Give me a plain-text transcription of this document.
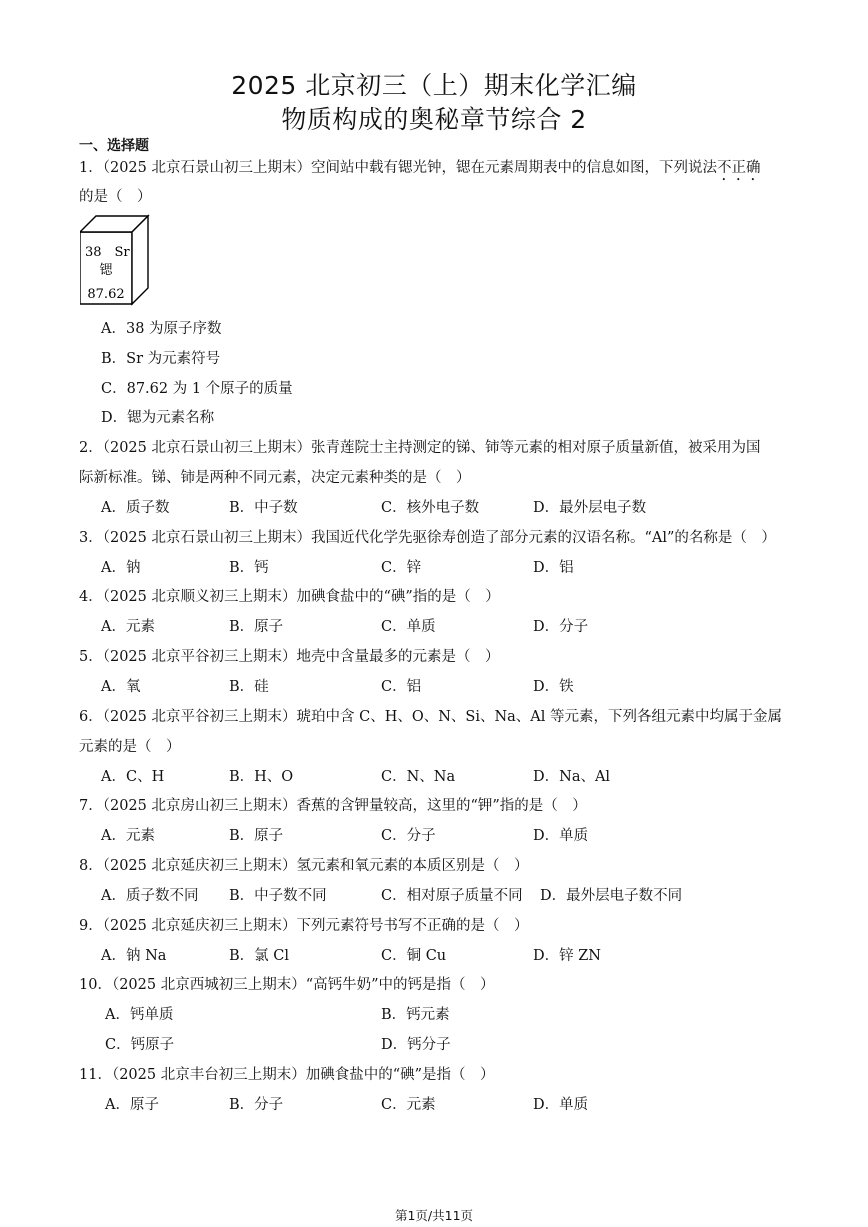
2025 北京初三（上）期末化学汇编
物质构成的奥秘章节综合 2
一、选择题
1．（2025 北京石景山初三上期末）空间站中载有锶光钟，锶在元素周期表中的信息如图，下列说法不正确
的是（　）
38 Sr
锶
87.62
A．38 为原子序数
B．Sr 为元素符号
C．87.62 为 1 个原子的质量
D．锶为元素名称
2．（2025 北京石景山初三上期末）张青莲院士主持测定的锑、铈等元素的相对原子质量新值，被采用为国
际新标准。锑、铈是两种不同元素，决定元素种类的是（　）
A．质子数	B．中子数	C．核外电子数	D．最外层电子数
3．（2025 北京石景山初三上期末）我国近代化学先驱徐寿创造了部分元素的汉语名称。“Al”的名称是（　）
A．钠	B．钙	C．锌	D．铝
4．（2025 北京顺义初三上期末）加碘食盐中的“碘”指的是（　）
A．元素	B．原子	C．单质	D．分子
5．（2025 北京平谷初三上期末）地壳中含量最多的元素是（　）
A．氧	B．硅	C．铝	D．铁
6．（2025 北京平谷初三上期末）琥珀中含 C、H、O、N、Si、Na、Al 等元素，下列各组元素中均属于金属
元素的是（　）
A．C、H	B．H、O	C．N、Na	D．Na、Al
7．（2025 北京房山初三上期末）香蕉的含钾量较高，这里的“钾”指的是（　）
A．元素	B．原子	C．分子	D．单质
8．（2025 北京延庆初三上期末）氢元素和氧元素的本质区别是（　）
A．质子数不同 B．中子数不同	C．相对原子质量不同 D．最外层电子数不同
9．（2025 北京延庆初三上期末）下列元素符号书写不正确的是（　）
A．钠 Na	B．氯 Cl	C．铜 Cu	D．锌 ZN
10．（2025 北京西城初三上期末）“高钙牛奶”中的钙是指（　）
A．钙单质	B．钙元素
C．钙原子	D．钙分子
11．（2025 北京丰台初三上期末）加碘食盐中的“碘”是指（　）
A．原子	B．分子	C．元素	D．单质
第1页/共11页
